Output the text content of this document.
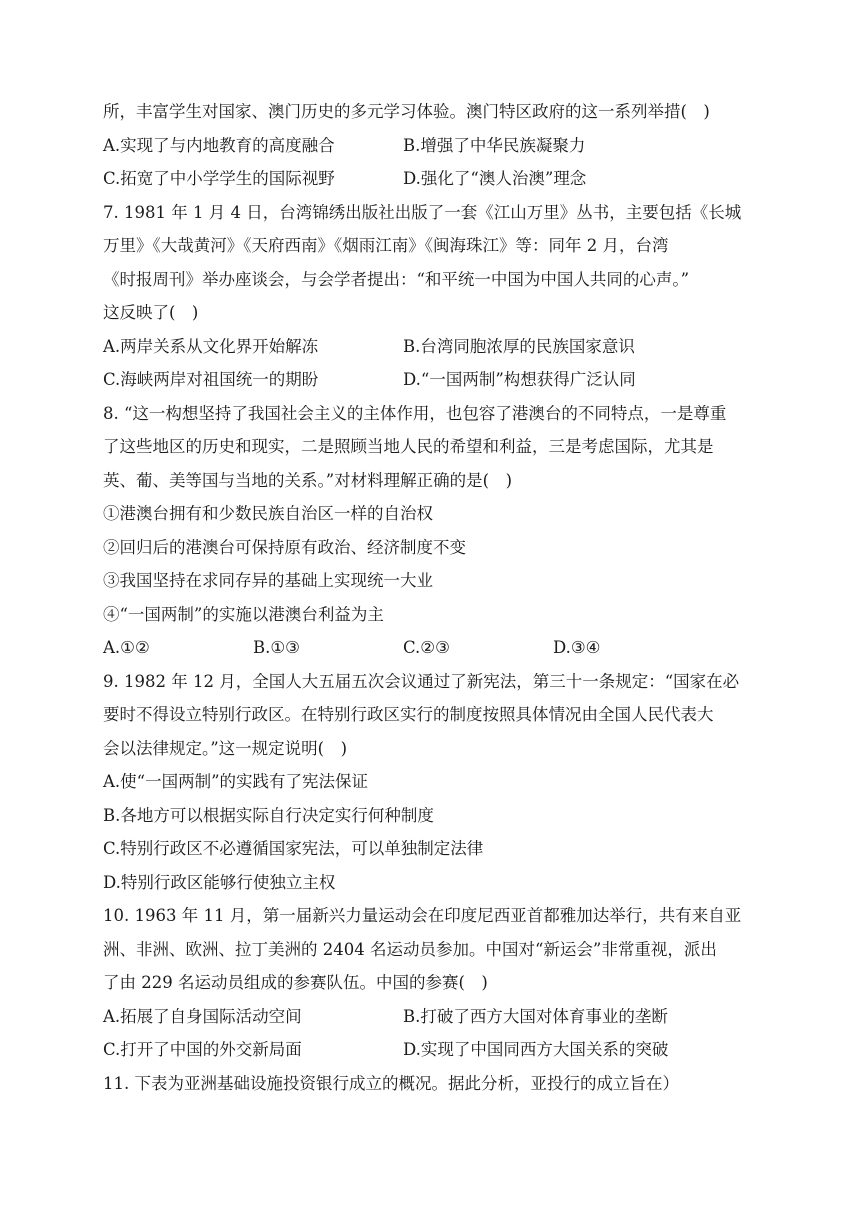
所，丰富学生对国家、澳门历史的多元学习体验。澳门特区政府的这一系列举措(　)
A.实现了与内地教育的高度融合	B.增强了中华民族凝聚力
C.拓宽了中小学学生的国际视野	D.强化了“澳人治澳”理念
7. 1981 年 1 月 4 日，台湾锦绣出版社出版了一套《江山万里》丛书，主要包括《长城
万里》《大哉黄河》《天府西南》《烟雨江南》《闽海珠江》等：同年 2 月，台湾
《时报周刊》举办座谈会，与会学者提出：“和平统一中国为中国人共同的心声。”
这反映了(　)
A.两岸关系从文化界开始解冻	B.台湾同胞浓厚的民族国家意识
C.海峡两岸对祖国统一的期盼	D.“一国两制”构想获得广泛认同
8. “这一构想坚持了我国社会主义的主体作用，也包容了港澳台的不同特点，一是尊重
了这些地区的历史和现实，二是照顾当地人民的希望和利益，三是考虑国际，尤其是
英、葡、美等国与当地的关系。”对材料理解正确的是(　)
①港澳台拥有和少数民族自治区一样的自治权
②回归后的港澳台可保持原有政治、经济制度不变
③我国坚持在求同存异的基础上实现统一大业
④“一国两制”的实施以港澳台利益为主
A.①②	B.①③	C.②③	D.③④
9. 1982 年 12 月，全国人大五届五次会议通过了新宪法，第三十一条规定：“国家在必
要时不得设立特别行政区。在特别行政区实行的制度按照具体情况由全国人民代表大
会以法律规定。”这一规定说明(　)
A.使“一国两制”的实践有了宪法保证
B.各地方可以根据实际自行决定实行何种制度
C.特别行政区不必遵循国家宪法，可以单独制定法律
D.特别行政区能够行使独立主权
10. 1963 年 11 月，第一届新兴力量运动会在印度尼西亚首都雅加达举行，共有来自亚
洲、非洲、欧洲、拉丁美洲的 2404 名运动员参加。中国对“新运会”非常重视，派出
了由 229 名运动员组成的参赛队伍。中国的参赛(　)
A.拓展了自身国际活动空间	B.打破了西方大国对体育事业的垄断
C.打开了中国的外交新局面	D.实现了中国同西方大国关系的突破
11. 下表为亚洲基础设施投资银行成立的概况。据此分析，亚投行的成立旨在）
